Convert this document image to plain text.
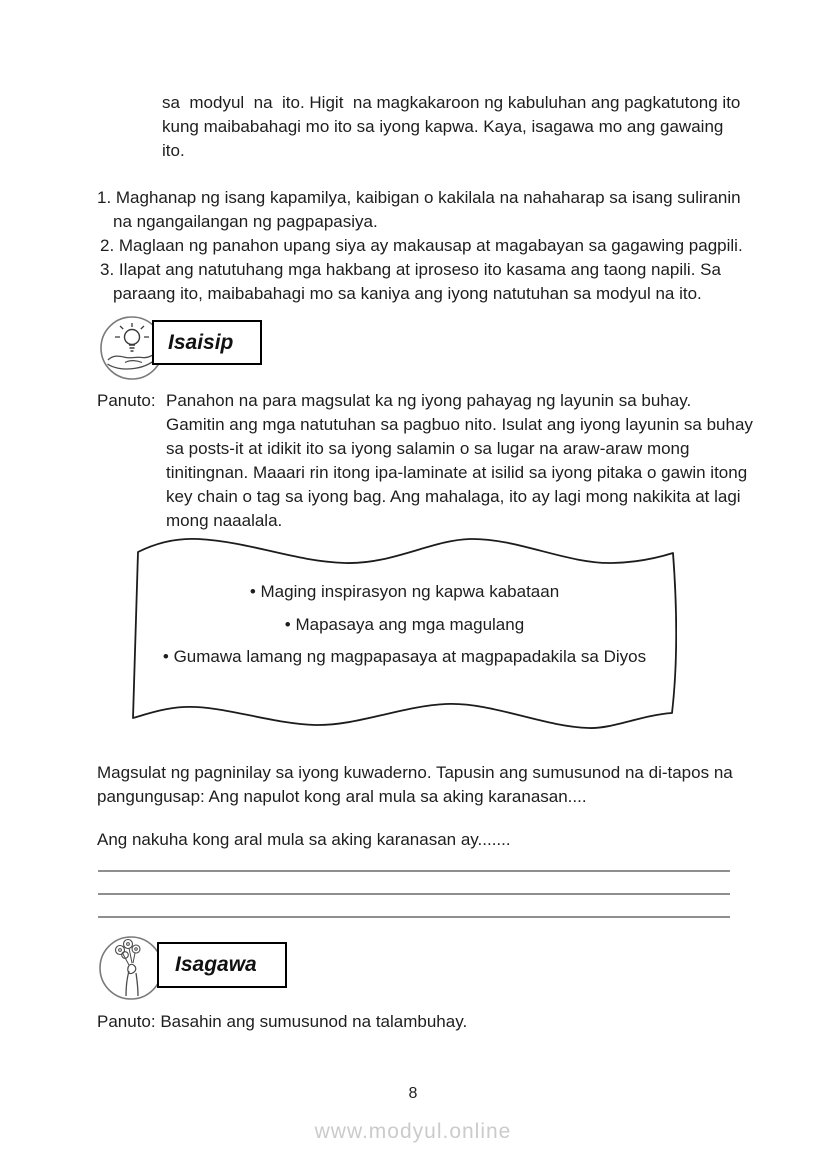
sa  modyul  na  ito. Higit  na magkakaroon ng kabuluhan ang pagkatutong ito
kung maibabahagi mo ito sa iyong kapwa. Kaya, isagawa mo ang gawaing
ito.
1. Maghanap ng isang kapamilya, kaibigan o kakilala na nahaharap sa isang suliranin
na ngangailangan ng pagpapasiya.
2. Maglaan ng panahon upang siya ay makausap at magabayan sa gagawing pagpili.
3. Ilapat ang natutuhang mga hakbang at iproseso ito kasama ang taong napili. Sa
paraang ito, maibabahagi mo sa kaniya ang iyong natutuhan sa modyul na ito.
Isaisip
Panuto: Panahon na para magsulat ka ng iyong pahayag ng layunin sa buhay.
Gamitin ang mga natutuhan sa pagbuo nito. Isulat ang iyong layunin sa buhay
sa posts-it at idikit ito sa iyong salamin o sa lugar na araw-araw mong
tinitingnan. Maaari rin itong ipa-laminate at isilid sa iyong pitaka o gawin itong
key chain o tag sa iyong bag. Ang mahalaga, ito ay lagi mong nakikita at lagi
mong naaalala.
• Maging inspirasyon ng kapwa kabataan
• Mapasaya ang mga magulang
• Gumawa lamang ng magpapasaya at magpapadakila sa Diyos
Magsulat ng pagninilay sa iyong kuwaderno. Tapusin ang sumusunod na di-tapos na
pangungusap: Ang napulot kong aral mula sa aking karanasan....
Ang nakuha kong aral mula sa aking karanasan ay.......
Isagawa
Panuto: Basahin ang sumusunod na talambuhay.
8
www.modyul.online
